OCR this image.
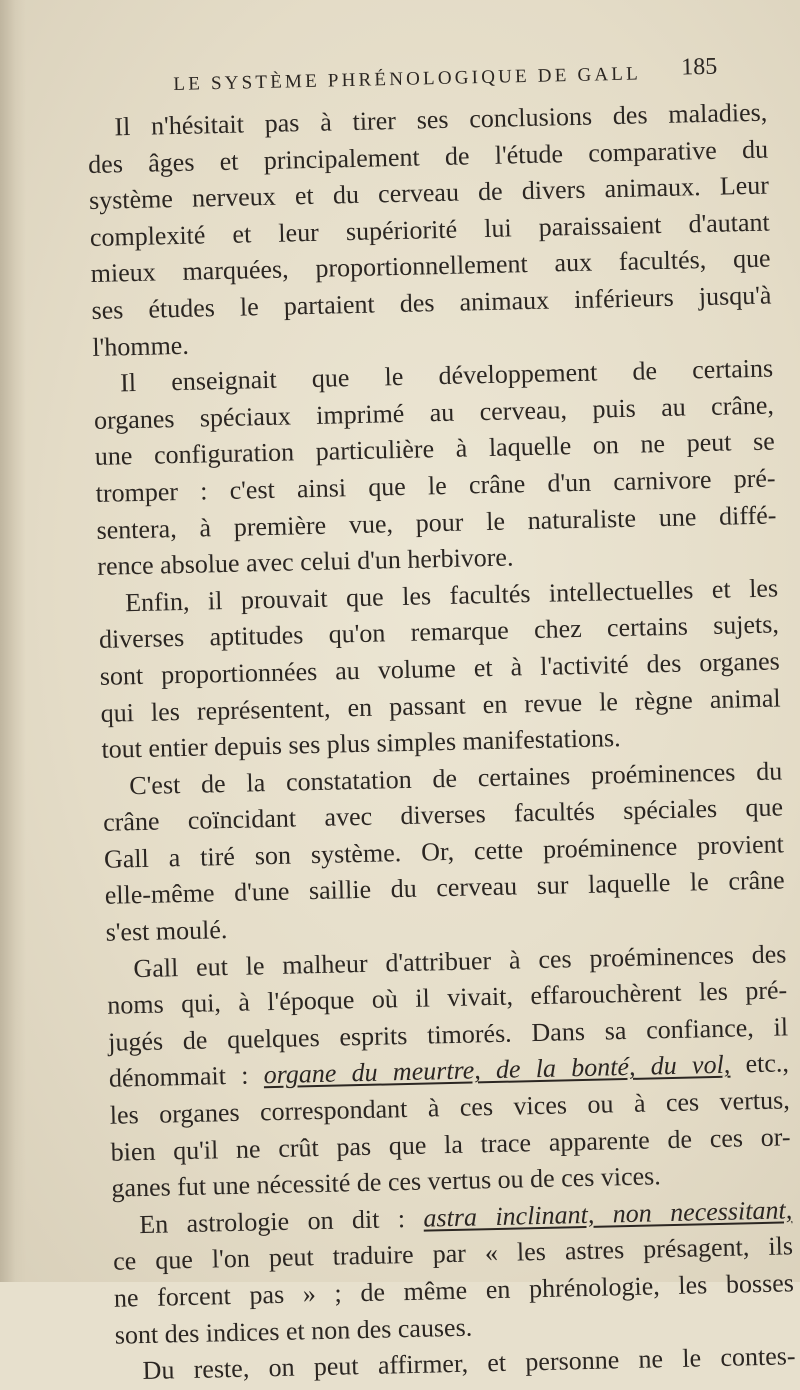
LE SYSTÈME PHRÉNOLOGIQUE DE GALL 185
Il n'hésitait pas à tirer ses conclusions des maladies,
des âges et principalement de l'étude comparative du
système nerveux et du cerveau de divers animaux. Leur
complexité et leur supériorité lui paraissaient d'autant
mieux marquées, proportionnellement aux facultés, que
ses études le partaient des animaux inférieurs jusqu'à
l'homme.
Il enseignait que le développement de certains
organes spéciaux imprimé au cerveau, puis au crâne,
une configuration particulière à laquelle on ne peut se
tromper : c'est ainsi que le crâne d'un carnivore pré-
sentera, à première vue, pour le naturaliste une diffé-
rence absolue avec celui d'un herbivore.
Enfin, il prouvait que les facultés intellectuelles et les
diverses aptitudes qu'on remarque chez certains sujets,
sont proportionnées au volume et à l'activité des organes
qui les représentent, en passant en revue le règne animal
tout entier depuis ses plus simples manifestations.
C'est de la constatation de certaines proéminences du
crâne coïncidant avec diverses facultés spéciales que
Gall a tiré son système. Or, cette proéminence provient
elle-même d'une saillie du cerveau sur laquelle le crâne
s'est moulé.
Gall eut le malheur d'attribuer à ces proéminences des
noms qui, à l'époque où il vivait, effarouchèrent les pré-
jugés de quelques esprits timorés. Dans sa confiance, il
dénommait : organe du meurtre, de la bonté, du vol, etc.,
les organes correspondant à ces vices ou à ces vertus,
bien qu'il ne crût pas que la trace apparente de ces or-
ganes fut une nécessité de ces vertus ou de ces vices.
En astrologie on dit : astra inclinant, non necessitant,
ce que l'on peut traduire par « les astres présagent, ils
ne forcent pas » ; de même en phrénologie, les bosses
sont des indices et non des causes.
Du reste, on peut affirmer, et personne ne le contes-
